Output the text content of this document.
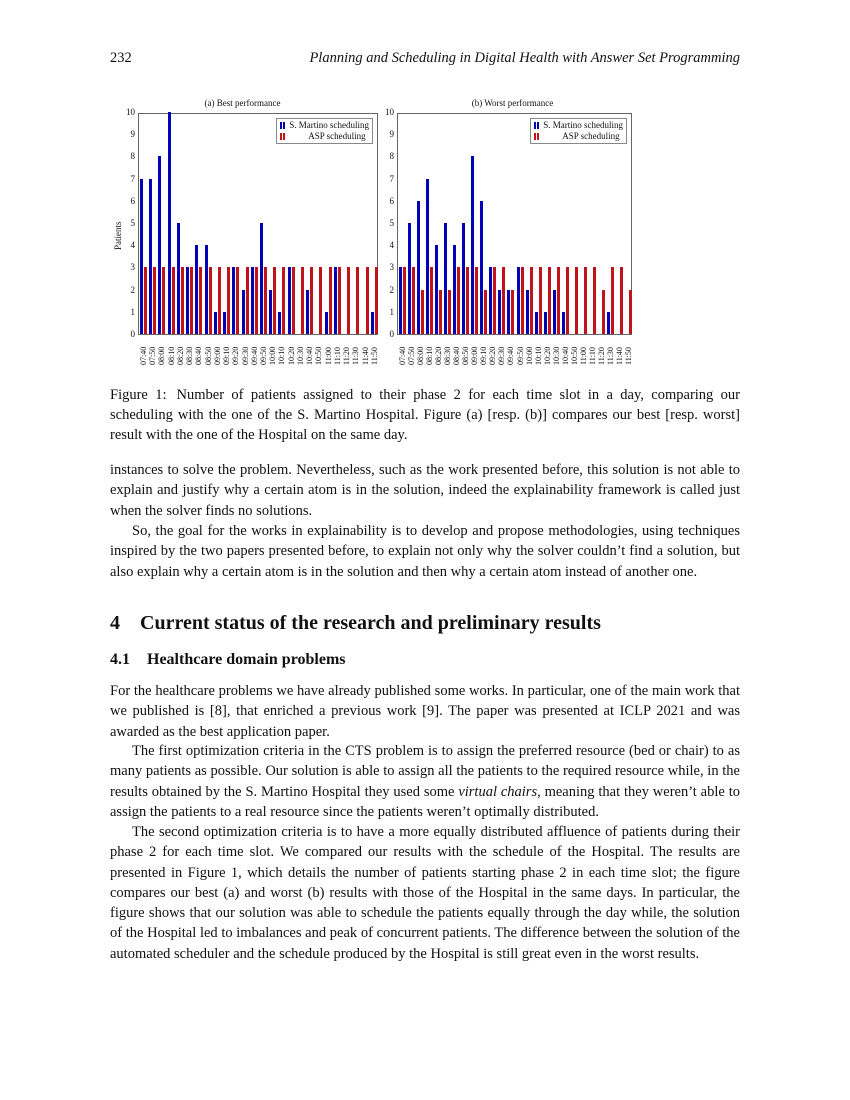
232	Planning and Scheduling in Digital Health with Answer Set Programming
(a) Best performance
Patients
0
1
2
3
4
5
6
7
8
9
10
S. Martino scheduling
ASP scheduling
07:40 07:50 08:00 08:10 08:20 08:30 08:40 08:50 09:00 09:10 09:20 09:30 09:40 09:50 10:00 10:10 10:20 10:30 10:40 10:50 11:00 11:10 11:20 11:30 11:40 11:50
(b) Worst performance
0
1
2
3
4
5
6
7
8
9
10
S. Martino scheduling
ASP scheduling
07:40 07:50 08:00 08:10 08:20 08:30 08:40 08:50 09:00 09:10 09:20 09:30 09:40 09:50 10:00 10:10 10:20 10:30 10:40 10:50 11:00 11:10 11:20 11:30 11:40 11:50
Figure 1: Number of patients assigned to their phase 2 for each time slot in a day, comparing our scheduling with the one of the S. Martino Hospital. Figure (a) [resp. (b)] compares our best [resp. worst] result with the one of the Hospital on the same day.
instances to solve the problem. Nevertheless, such as the work presented before, this solution is not able to explain and justify why a certain atom is in the solution, indeed the explainability framework is called just when the solver finds no solutions.
So, the goal for the works in explainability is to develop and propose methodologies, using techniques inspired by the two papers presented before, to explain not only why the solver couldn’t find a solution, but also explain why a certain atom is in the solution and then why a certain atom instead of another one.
4 Current status of the research and preliminary results
4.1 Healthcare domain problems
For the healthcare problems we have already published some works. In particular, one of the main work that we published is [8], that enriched a previous work [9]. The paper was presented at ICLP 2021 and was awarded as the best application paper.
The first optimization criteria in the CTS problem is to assign the preferred resource (bed or chair) to as many patients as possible. Our solution is able to assign all the patients to the required resource while, in the results obtained by the S. Martino Hospital they used some virtual chairs, meaning that they weren’t able to assign the patients to a real resource since the patients weren’t optimally distributed.
The second optimization criteria is to have a more equally distributed affluence of patients during their phase 2 for each time slot. We compared our results with the schedule of the Hospital. The results are presented in Figure 1, which details the number of patients starting phase 2 in each time slot; the figure compares our best (a) and worst (b) results with those of the Hospital in the same days. In particular, the figure shows that our solution was able to schedule the patients equally through the day while, the solution of the Hospital led to imbalances and peak of concurrent patients. The difference between the solution of the automated scheduler and the schedule produced by the Hospital is still great even in the worst results.
